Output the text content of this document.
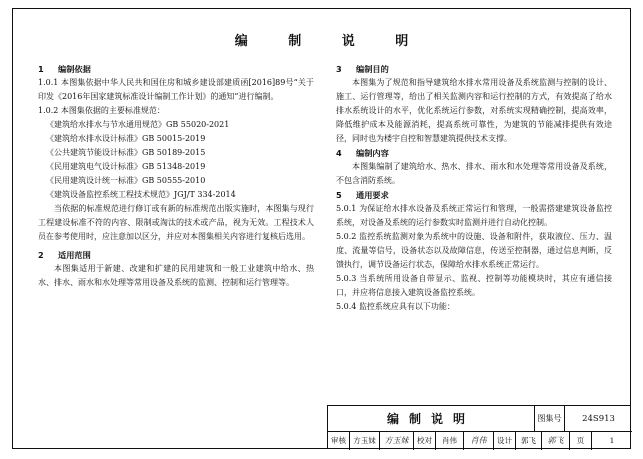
编 制 说 明
1 编制依据
1.0.1 本图集依据中华人民共和国住房和城乡建设部建质函[2016]89号“关于印发《2016年国家建筑标准设计编制工作计划》的通知”进行编制。
1.0.2 本图集依据的主要标准规范：
《建筑给水排水与节水通用规范》GB 55020-2021
《建筑给水排水设计标准》GB 50015-2019
《公共建筑节能设计标准》GB 50189-2015
《民用建筑电气设计标准》GB 51348-2019
《民用建筑设计统一标准》GB 50555-2010
《建筑设备监控系统工程技术规范》JGJ/T 334-2014
当依据的标准规范进行修订或有新的标准规范出版实施时，本图集与现行工程建设标准不符的内容、限制或淘汰的技术或产品，视为无效。工程技术人员在参考使用时，应注意加以区分，并应对本图集相关内容进行复核后选用。
2 适用范围
本图集适用于新建、改建和扩建的民用建筑和一般工业建筑中给水、热水、排水、雨水和水处理等常用设备及系统的监测、控制和运行管理等。
3 编制目的
本图集为了规范和指导建筑给水排水常用设备及系统监测与控制的设计、施工、运行管理等，给出了相关监测内容和运行控制的方式，有效提高了给水排水系统设计的水平，优化系统运行参数，对系统实现精确控制，提高效率，降低维护成本及能源消耗，提高系统可靠性，为建筑的节能减排提供有效途径，同时也为楼宇自控和智慧建筑提供技术支撑。
4 编制内容
本图集编制了建筑给水、热水、排水、雨水和水处理等常用设备及系统，不包含消防系统。
5 通用要求
5.0.1 为保证给水排水设备及系统正常运行和管理，一般需搭建建筑设备监控系统，对设备及系统的运行参数实时监测并进行自动化控制。
5.0.2 监控系统监测对象为系统中的设施、设备和附件，获取液位、压力、温度、流量等信号，设备状态以及故障信息，传送至控制器，通过信息判断，反馈执行，调节设备运行状态，保障给水排水系统正常运行。
5.0.3 当系统所用设备自带显示、监视、控制等功能模块时，其应有通信接口，并应将信息接入建筑设备监控系统。
5.0.4 监控系统应具有以下功能：
编制说明	图集号	24S913
审核 方玉妹	方玉妹	校对	肖伟	肖伟	设计	郭飞	郭飞	页	1
